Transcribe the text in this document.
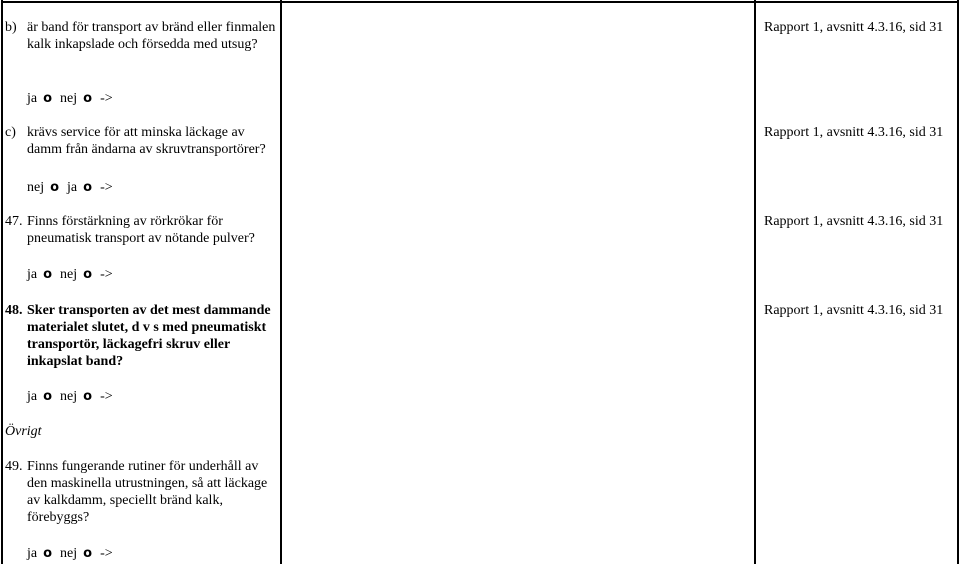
b) är band för transport av bränd eller finmalen kalk inkapslade och försedda med utsug?
ja o nej o ->
Rapport 1, avsnitt 4.3.16, sid 31
c) krävs service för att minska läckage av damm från ändarna av skruvtransportörer?
nej o ja o ->
Rapport 1, avsnitt 4.3.16, sid 31
47. Finns förstärkning av rörkrökar för pneumatisk transport av nötande pulver?
ja o nej o ->
Rapport 1, avsnitt 4.3.16, sid 31
48. Sker transporten av det mest dammande materialet slutet, d v s med pneumatiskt transportör, läckagefri skruv eller inkapslat band?
ja o nej o ->
Rapport 1, avsnitt 4.3.16, sid 31
Övrigt
49. Finns fungerande rutiner för underhåll av den maskinella utrustningen, så att läckage av kalkdamm, speciellt bränd kalk, förebyggs?
ja o nej o ->
